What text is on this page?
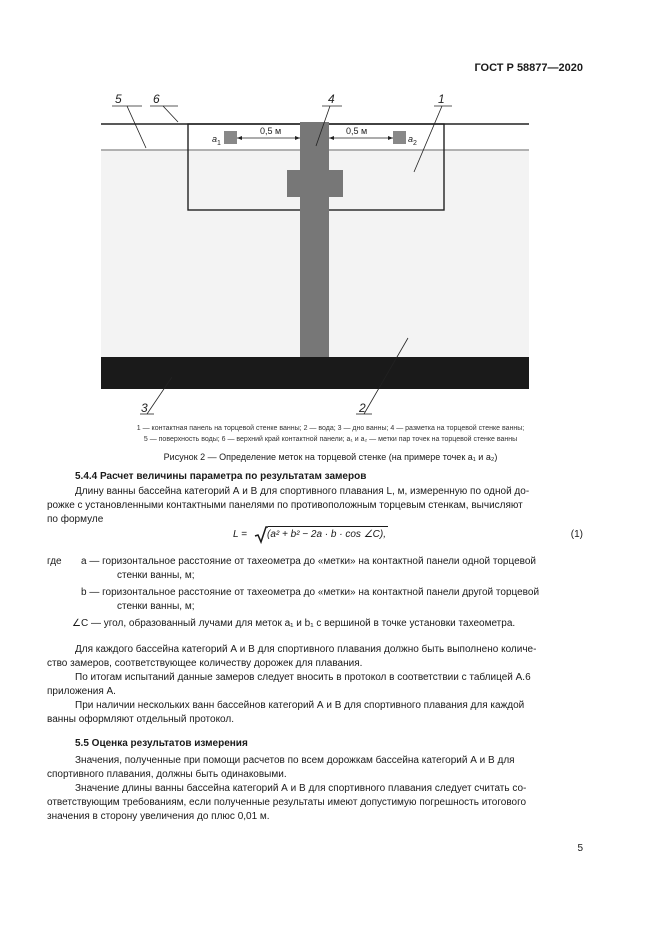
ГОСТ Р 58877—2020
0,5 м	0,5 м
$a_1$	$a_2$
5	6	4	1
3	2
1 — контактная панель на торцевой стенке ванны; 2 — вода; 3 — дно ванны; 4 — разметка на торцевой стенке ванны;
5 — поверхность воды; 6 — верхний край контактной панели; a₁ и a₂ — метки пар точек на торцевой стенке ванны
Рисунок 2 — Определение меток на торцевой стенке (на примере точек a₁ и a₂)
5.4.4 Расчет величины параметра по результатам замеров
Длину ванны бассейна категорий А и В для спортивного плавания L, м, измеренную по одной до-
рожке с установленными контактными панелями по противоположным торцевым стенкам, вычисляют
по формуле
L = (a² + b² − 2a · b · cos ∠C),	(1)
где a — горизонтальное расстояние от тахеометра до «метки» на контактной панели одной торцевой
стенки ванны, м;
b — горизонтальное расстояние от тахеометра до «метки» на контактной панели другой торцевой
стенки ванны, м;
∠C — угол, образованный лучами для меток a₁ и b₁ с вершиной в точке установки тахеометра.
Для каждого бассейна категорий А и В для спортивного плавания должно быть выполнено количе-
ство замеров, соответствующее количеству дорожек для плавания.
По итогам испытаний данные замеров следует вносить в протокол в соответствии с таблицей А.6
приложения А.
При наличии нескольких ванн бассейнов категорий А и В для спортивного плавания для каждой
ванны оформляют отдельный протокол.
5.5 Оценка результатов измерения
Значения, полученные при помощи расчетов по всем дорожкам бассейна категорий А и В для
спортивного плавания, должны быть одинаковыми.
Значение длины ванны бассейна категорий А и В для спортивного плавания следует считать со-
ответствующим требованиям, если полученные результаты имеют допустимую погрешность итогового
значения в сторону увеличения до плюс 0,01 м.
5
